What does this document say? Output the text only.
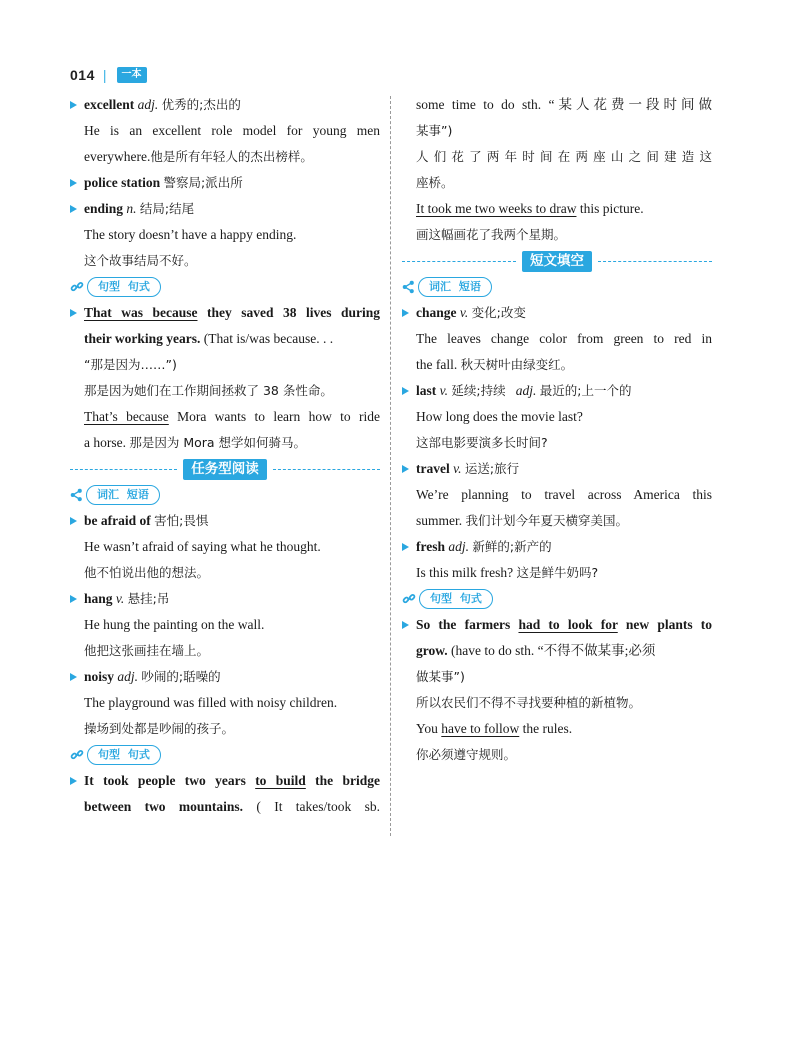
014 |	一本
excellent adj. 优秀的;杰出的
He is an excellent role model for young men
everywhere.他是所有年轻人的杰出榜样。
police station 警察局;派出所
ending n. 结局;结尾
The story doesn’t have a happy ending.
这个故事结局不好。
句型 句式
That was because they saved 38 lives during
their working years. (That is/was because. . .
“那是因为……”)
那是因为她们在工作期间拯救了 38 条性命。
That’s because Mora wants to learn how to ride
a horse. 那是因为 Mora 想学如何骑马。
任务型阅读
词汇 短语
be afraid of 害怕;畏惧
He wasn’t afraid of saying what he thought.
他不怕说出他的想法。
hang v. 悬挂;吊
He hung the painting on the wall.
他把这张画挂在墙上。
noisy adj. 吵闹的;聒噪的
The playground was filled with noisy children.
操场到处都是吵闹的孩子。
句型 句式
It took people two years to build the bridge
between two mountains. ( It takes/took sb.
some time to do sth. “某人花费一段时间做
某事”)
人们花了两年时间在两座山之间建造这
座桥。
It took me two weeks to draw this picture.
画这幅画花了我两个星期。
短文填空
词汇 短语
change v. 变化;改变
The leaves change color from green to red in
the fall. 秋天树叶由绿变红。
last v. 延续;持续 adj. 最近的;上一个的
How long does the movie last?
这部电影要演多长时间?
travel v. 运送;旅行
We’re planning to travel across America this
summer. 我们计划今年夏天横穿美国。
fresh adj. 新鲜的;新产的
Is this milk fresh? 这是鲜牛奶吗?
句型 句式
So the farmers had to look for new plants to
grow. (have to do sth. “不得不做某事;必须
做某事”)
所以农民们不得不寻找要种植的新植物。
You have to follow the rules.
你必须遵守规则。
